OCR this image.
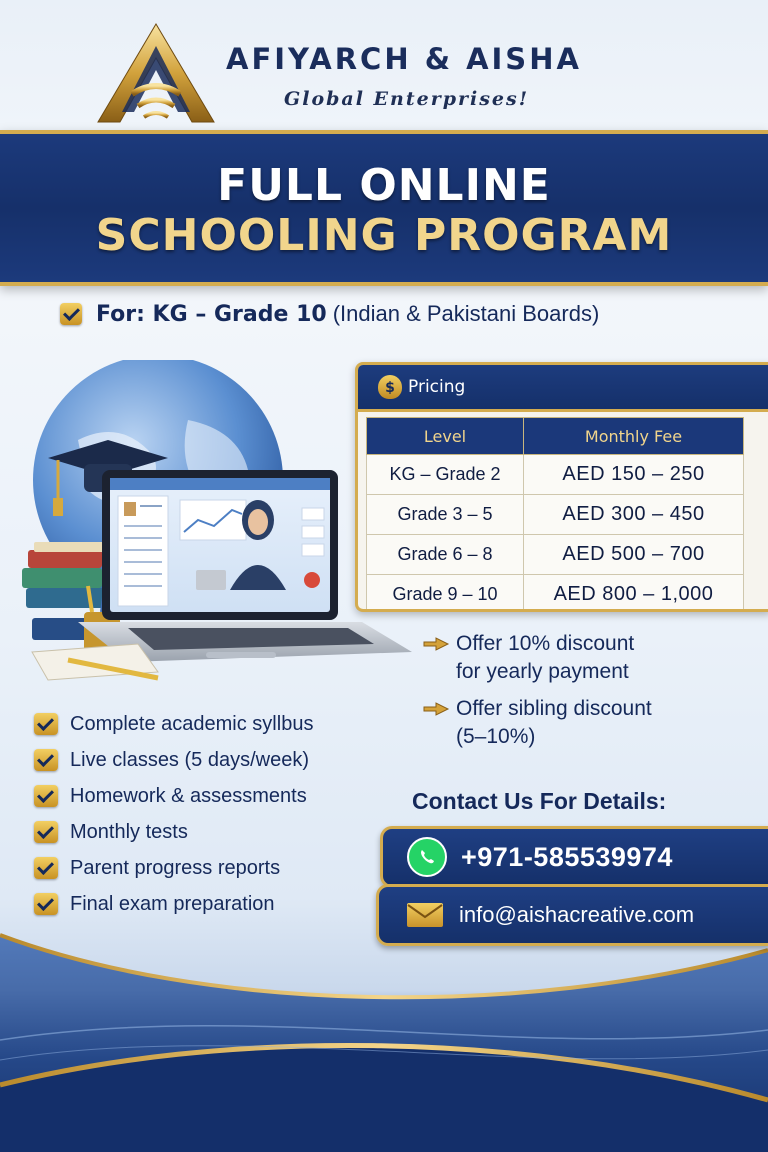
AFIYARCH & AISHA
Global Enterprises!
FULL ONLINE
SCHOOLING PROGRAM
For: KG – Grade 10 (Indian & Pakistani Boards)
$ Pricing
Level	Monthly Fee
KG – Grade 2	AED 150 – 250
Grade 3 – 5	AED 300 – 450
Grade 6 – 8	AED 500 – 700
Grade 9 – 10	AED 800 – 1,000
Offer 10% discount
for yearly payment
Offer sibling discount
(5–10%)
Complete academic syllbus
Live classes (5 days/week)
Homework & assessments
Monthly tests
Parent progress reports
Final exam preparation
Contact Us For Details:
+971-585539974
info@aishacreative.com
